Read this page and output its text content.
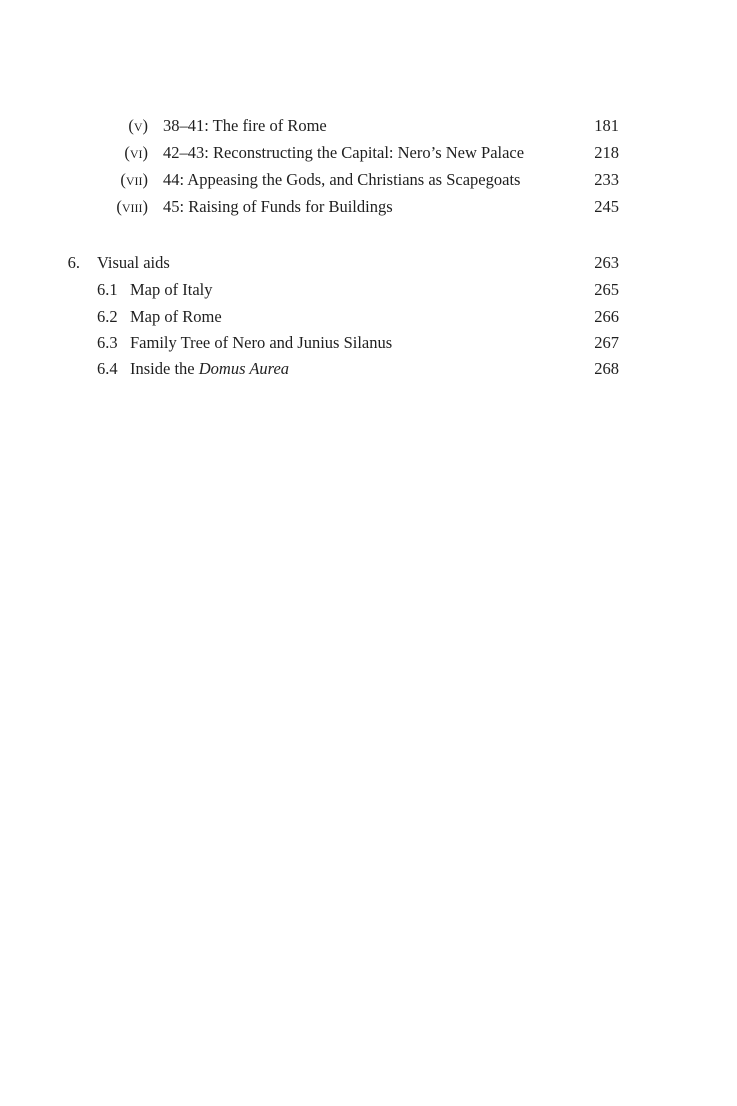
(v) 38–41: The fire of Rome	181
(vi) 42–43: Reconstructing the Capital: Nero’s New Palace	218
(vii) 44: Appeasing the Gods, and Christians as Scapegoats	233
(viii) 45: Raising of Funds for Buildings	245
6. Visual aids	263
6.1 Map of Italy	265
6.2 Map of Rome	266
6.3 Family Tree of Nero and Junius Silanus	267
6.4 Inside the Domus Aurea	268
